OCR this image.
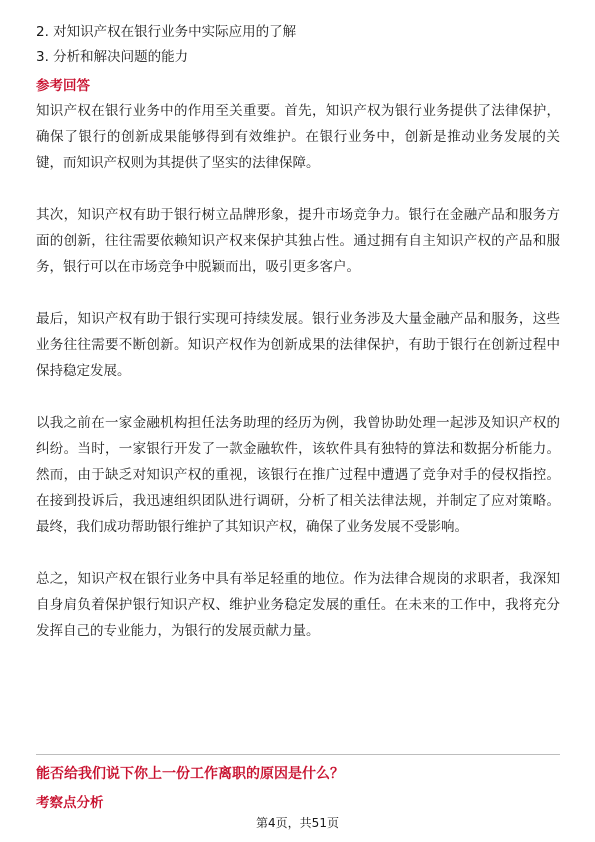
2. 对知识产权在银行业务中实际应用的了解

3. 分析和解决问题的能力

参考回答

知识产权在银行业务中的作用至关重要。首先，知识产权为银行业务提供了法律保护，确保了银行的创新成果能够得到有效维护。在银行业务中，创新是推动业务发展的关键，而知识产权则为其提供了坚实的法律保障。

其次，知识产权有助于银行树立品牌形象，提升市场竞争力。银行在金融产品和服务方面的创新，往往需要依赖知识产权来保护其独占性。通过拥有自主知识产权的产品和服务，银行可以在市场竞争中脱颖而出，吸引更多客户。

最后，知识产权有助于银行实现可持续发展。银行业务涉及大量金融产品和服务，这些业务往往需要不断创新。知识产权作为创新成果的法律保护，有助于银行在创新过程中保持稳定发展。

以我之前在一家金融机构担任法务助理的经历为例，我曾协助处理一起涉及知识产权的纠纷。当时，一家银行开发了一款金融软件，该软件具有独特的算法和数据分析能力。然而，由于缺乏对知识产权的重视，该银行在推广过程中遭遇了竞争对手的侵权指控。在接到投诉后，我迅速组织团队进行调研，分析了相关法律法规，并制定了应对策略。最终，我们成功帮助银行维护了其知识产权，确保了业务发展不受影响。

总之，知识产权在银行业务中具有举足轻重的地位。作为法律合规岗的求职者，我深知自身肩负着保护银行知识产权、维护业务稳定发展的重任。在未来的工作中，我将充分发挥自己的专业能力，为银行的发展贡献力量。

能否给我们说下你上一份工作离职的原因是什么？
考察点分析
第4页，共51页
